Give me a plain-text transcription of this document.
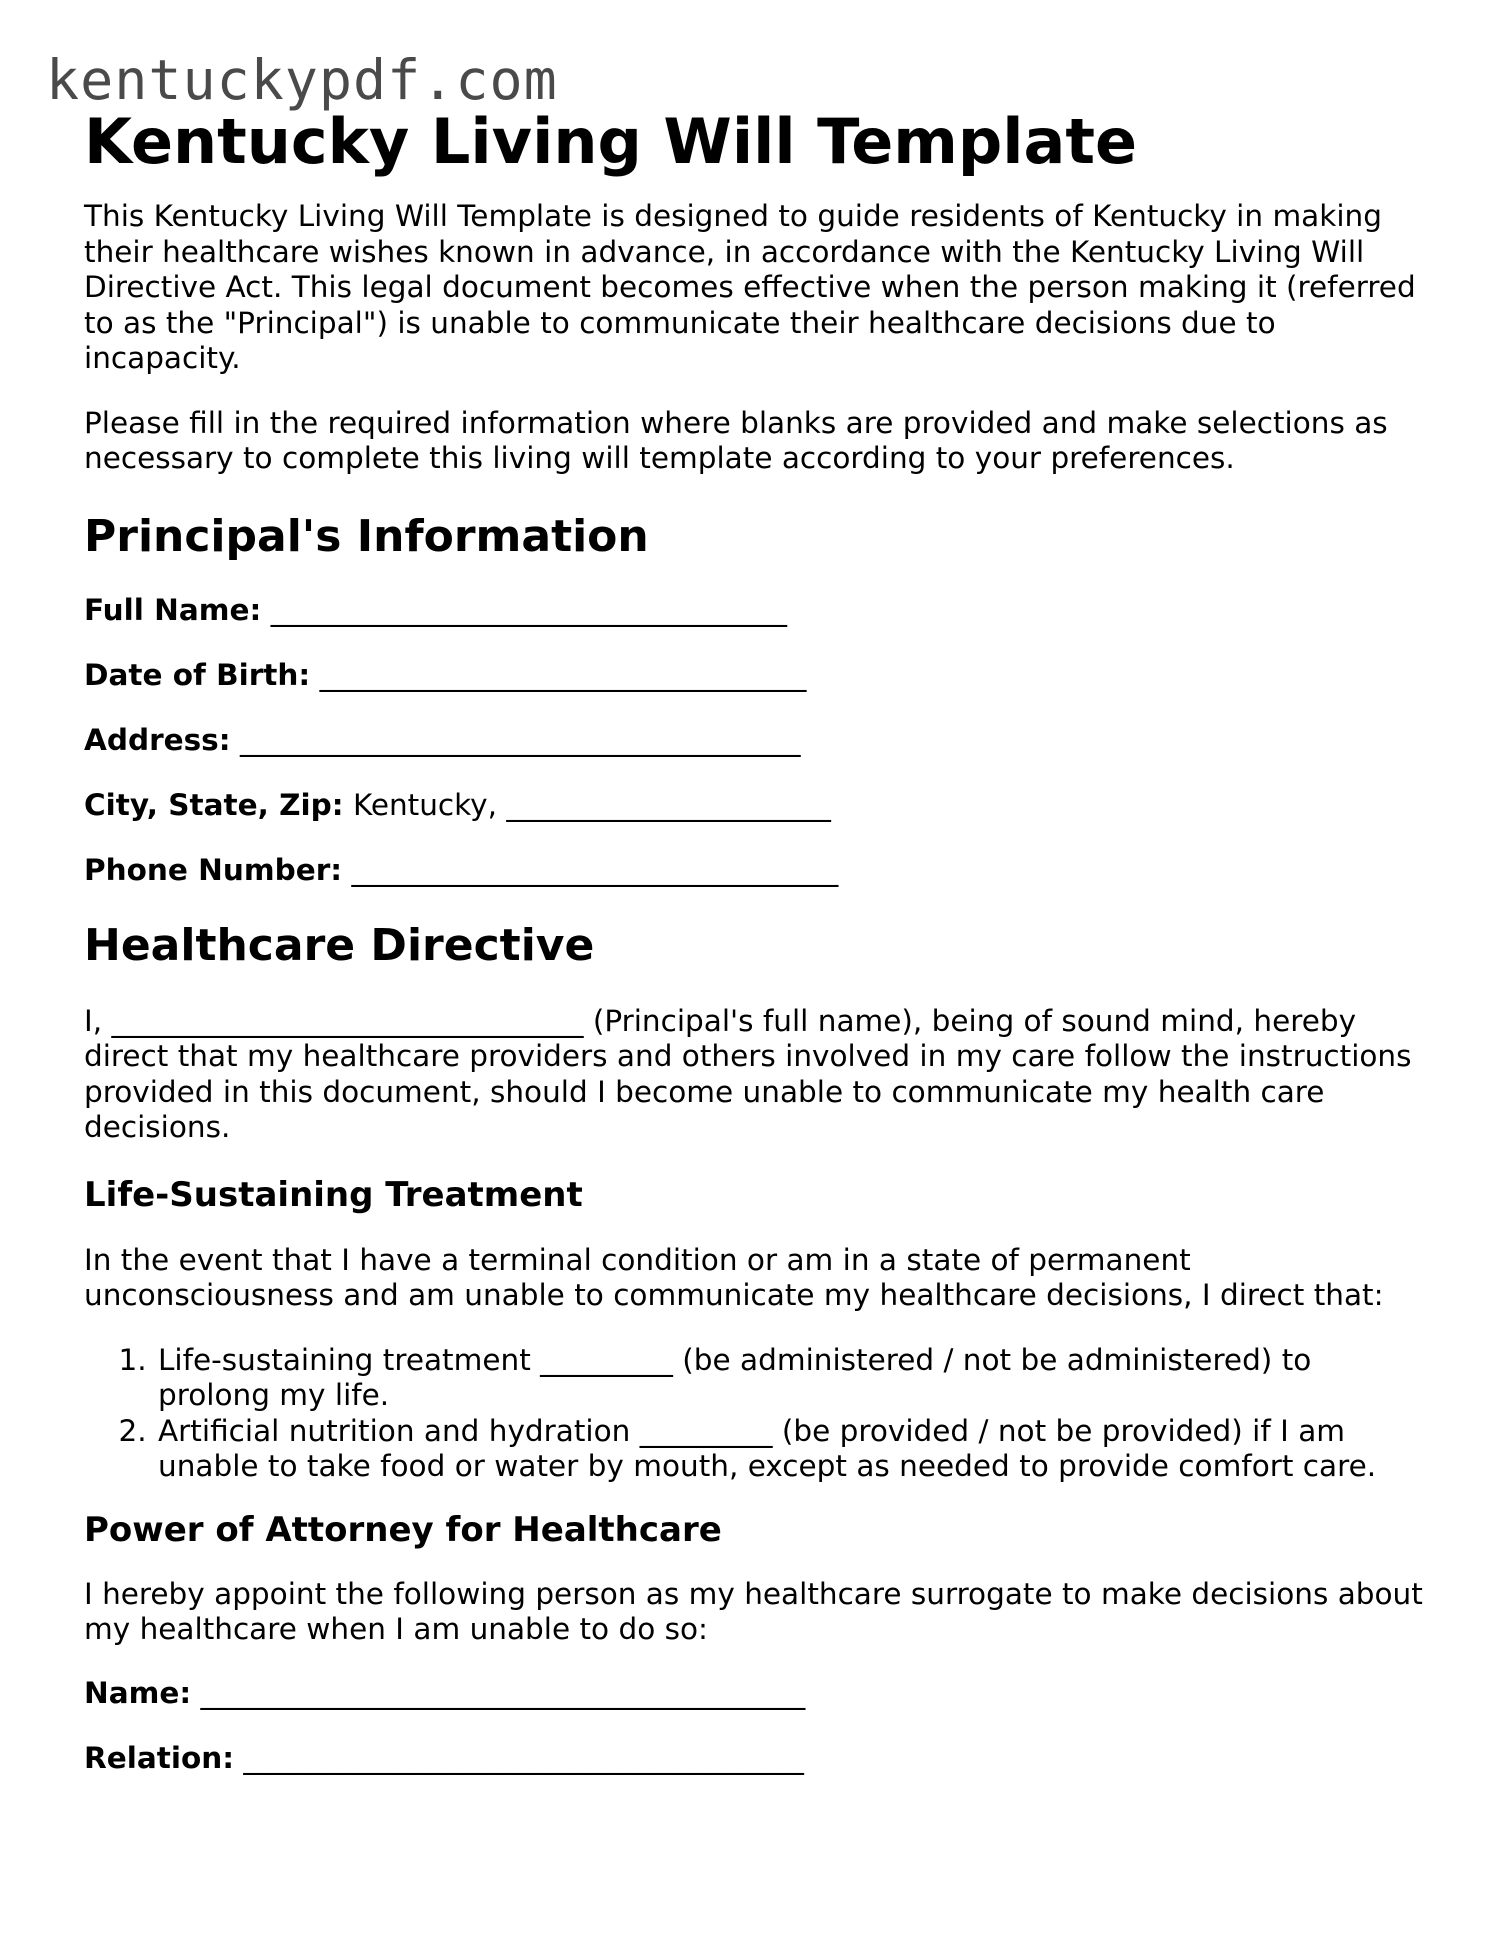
kentuckypdf.com
Kentucky Living Will Template

This Kentucky Living Will Template is designed to guide residents of Kentucky in making their healthcare wishes known in advance, in accordance with the Kentucky Living Will Directive Act. This legal document becomes effective when the person making it (referred to as the "Principal") is unable to communicate their healthcare decisions due to incapacity.

Please fill in the required information where blanks are provided and make selections as necessary to complete this living will template according to your preferences.

Principal's Information
Full Name: ___________________________________
Date of Birth: _________________________________
Address: ______________________________________
City, State, Zip: Kentucky, ______________________
Phone Number: _________________________________
Healthcare Directive

I, ________________________________ (Principal's full name), being of sound mind, hereby direct that my healthcare providers and others involved in my care follow the instructions provided in this document, should I become unable to communicate my health care decisions.

Life-Sustaining Treatment

In the event that I have a terminal condition or am in a state of permanent unconsciousness and am unable to communicate my healthcare decisions, I direct that:

1. Life-sustaining treatment _________ (be administered / not be administered) to prolong my life.
2. Artificial nutrition and hydration _________ (be provided / not be provided) if I am unable to take food or water by mouth, except as needed to provide comfort care.
Power of Attorney for Healthcare

I hereby appoint the following person as my healthcare surrogate to make decisions about my healthcare when I am unable to do so:

Name: _________________________________________
Relation: ______________________________________
